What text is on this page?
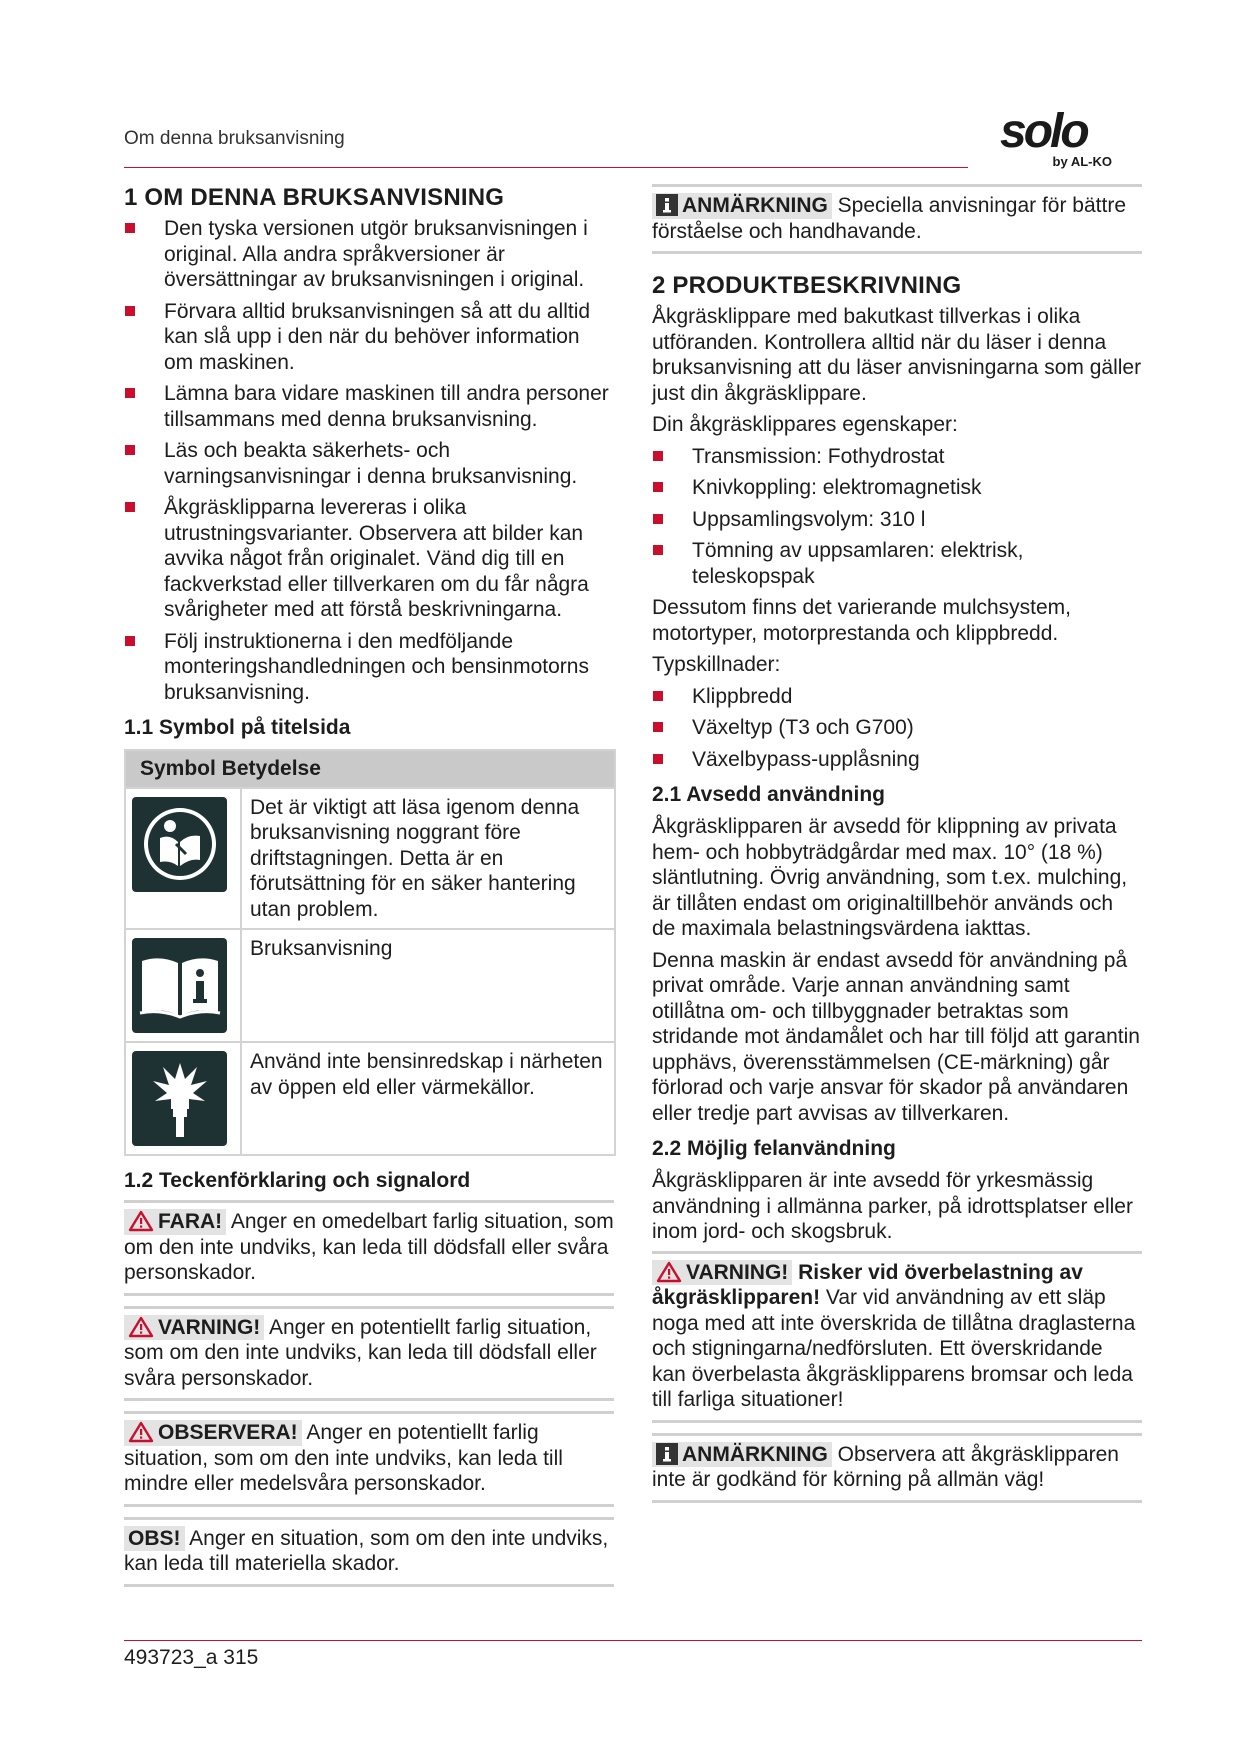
Om denna bruksanvisning	solo
by AL-KO
1 OM DENNA BRUKSANVISNING
Den tyska versionen utgör bruksanvisningen i original. Alla andra språkversioner är översättningar av bruksanvisningen i original.
Förvara alltid bruksanvisningen så att du alltid kan slå upp i den när du behöver information om maskinen.
Lämna bara vidare maskinen till andra personer tillsammans med denna bruksanvisning.
Läs och beakta säkerhets- och varningsanvisningar i denna bruksanvisning.
Åkgräsklipparna levereras i olika utrustningsvarianter. Observera att bilder kan avvika något från originalet. Vänd dig till en fackverkstad eller tillverkaren om du får några svårigheter med att förstå beskrivningarna.
Följ instruktionerna i den medföljande monteringshandledningen och bensinmotorns bruksanvisning.
1.1 Symbol på titelsida
Symbol Betydelse	

	Det är viktigt att läsa igenom denna bruksanvisning noggrant före driftstagningen. Detta är en förutsättning för en säker hantering utan problem.

	Bruksanvisning

	Använd inte bensinredskap i närheten av öppen eld eller värmekällor.
1.2 Teckenförklaring och signalord
FARA! Anger en omedelbart farlig situation, som om den inte undviks, kan leda till dödsfall eller svåra personskador.
VARNING! Anger en potentiellt farlig situation, som om den inte undviks, kan leda till dödsfall eller svåra personskador.
OBSERVERA! Anger en potentiellt farlig situation, som om den inte undviks, kan leda till mindre eller medelsvåra personskador.
OBS! Anger en situation, som om den inte undviks, kan leda till materiella skador.
ANMÄRKNING Speciella anvisningar för bättre förståelse och handhavande.
2 PRODUKTBESKRIVNING

Åkgräsklippare med bakutkast tillverkas i olika utföranden. Kontrollera alltid när du läser i denna bruksanvisning att du läser anvisningarna som gäller just din åkgräsklippare.

Din åkgräsklippares egenskaper:

Transmission: Fothydrostat
Knivkoppling: elektromagnetisk
Uppsamlingsvolym: 310 l
Tömning av uppsamlaren: elektrisk, teleskopspak

Dessutom finns det varierande mulchsystem, motortyper, motorprestanda och klippbredd.

Typskillnader:

Klippbredd
Växeltyp (T3 och G700)
Växelbypass-upplåsning
2.1 Avsedd användning

Åkgräsklipparen är avsedd för klippning av privata hem- och hobbyträdgårdar med max. 10° (18 %) släntlutning. Övrig användning, som t.ex. mulching, är tillåten endast om originaltillbehör används och de maximala belastningsvärdena iakttas.

Denna maskin är endast avsedd för användning på privat område. Varje annan användning samt otillåtna om- och tillbyggnader betraktas som stridande mot ändamålet och har till följd att garantin upphävs, överensstämmelsen (CE-märkning) går förlorad och varje ansvar för skador på användaren eller tredje part avvisas av tillverkaren.

2.2 Möjlig felanvändning

Åkgräsklipparen är inte avsedd för yrkesmässig användning i allmänna parker, på idrottsplatser eller inom jord- och skogsbruk.

VARNING! Risker vid överbelastning av åkgräsklipparen! Var vid användning av ett släp noga med att inte överskrida de tillåtna draglasterna och stigningarna/nedförsluten. Ett överskridande kan överbelasta åkgräsklipparens bromsar och leda till farliga situationer!
ANMÄRKNING Observera att åkgräsklipparen inte är godkänd för körning på allmän väg!
493723_a 315
